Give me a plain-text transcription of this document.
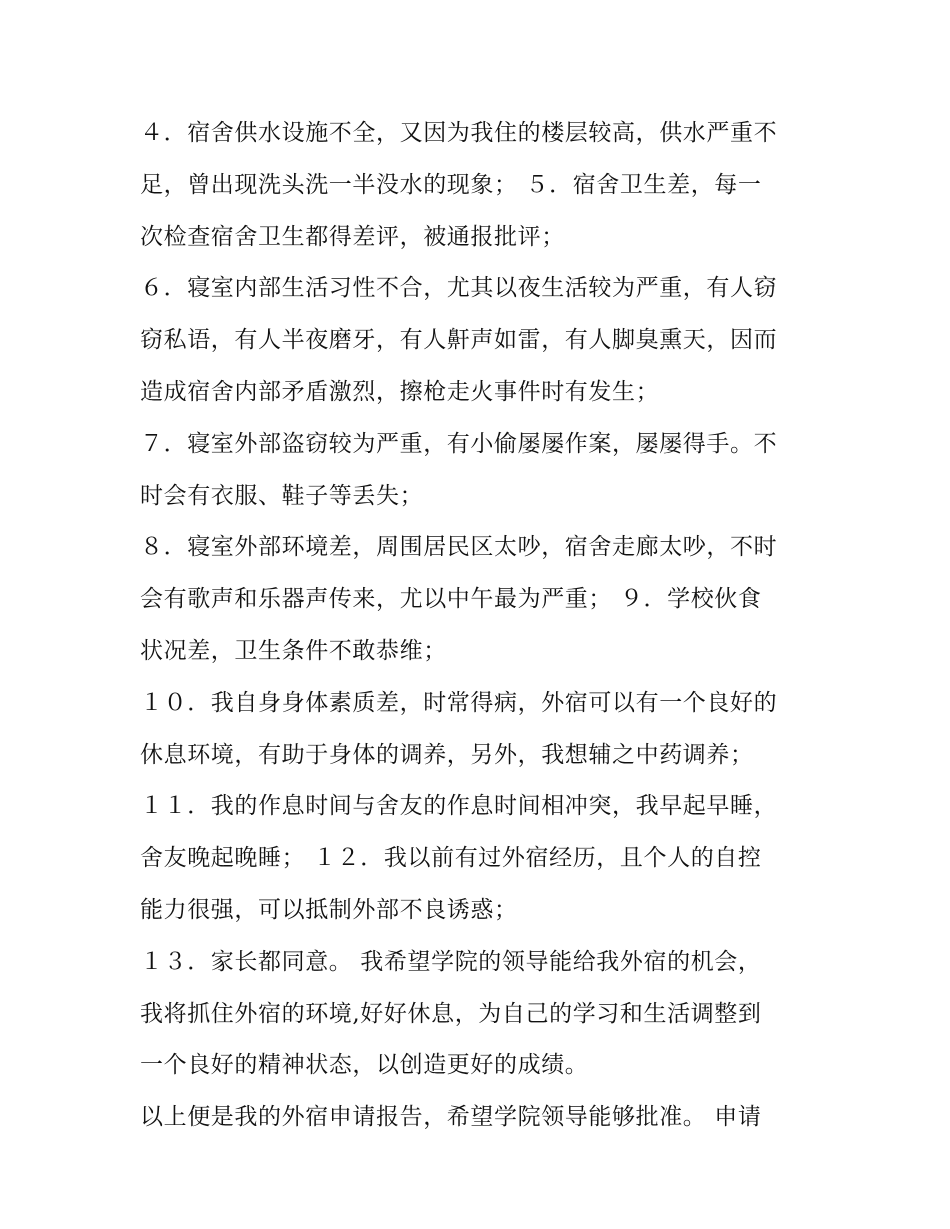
４．宿舍供水设施不全，又因为我住的楼层较高，供水严重不
足，曾出现洗头洗一半没水的现象； ５．宿舍卫生差，每一
次检查宿舍卫生都得差评，被通报批评；
６．寝室内部生活习性不合，尤其以夜生活较为严重，有人窃
窃私语，有人半夜磨牙，有人鼾声如雷，有人脚臭熏天，因而
造成宿舍内部矛盾激烈，擦枪走火事件时有发生；
７．寝室外部盗窃较为严重，有小偷屡屡作案，屡屡得手。不
时会有衣服、鞋子等丢失；
８．寝室外部环境差，周围居民区太吵，宿舍走廊太吵，不时
会有歌声和乐器声传来，尤以中午最为严重； ９．学校伙食
状况差，卫生条件不敢恭维；
１０．我自身身体素质差，时常得病，外宿可以有一个良好的
休息环境，有助于身体的调养，另外，我想辅之中药调养；
１１．我的作息时间与舍友的作息时间相冲突，我早起早睡，
舍友晚起晚睡； １２．我以前有过外宿经历，且个人的自控
能力很强，可以抵制外部不良诱惑；
１３．家长都同意。 我希望学院的领导能给我外宿的机会，
我将抓住外宿的环境,好好休息，为自己的学习和生活调整到
一个良好的精神状态，以创造更好的成绩。
以上便是我的外宿申请报告，希望学院领导能够批准。 申请
